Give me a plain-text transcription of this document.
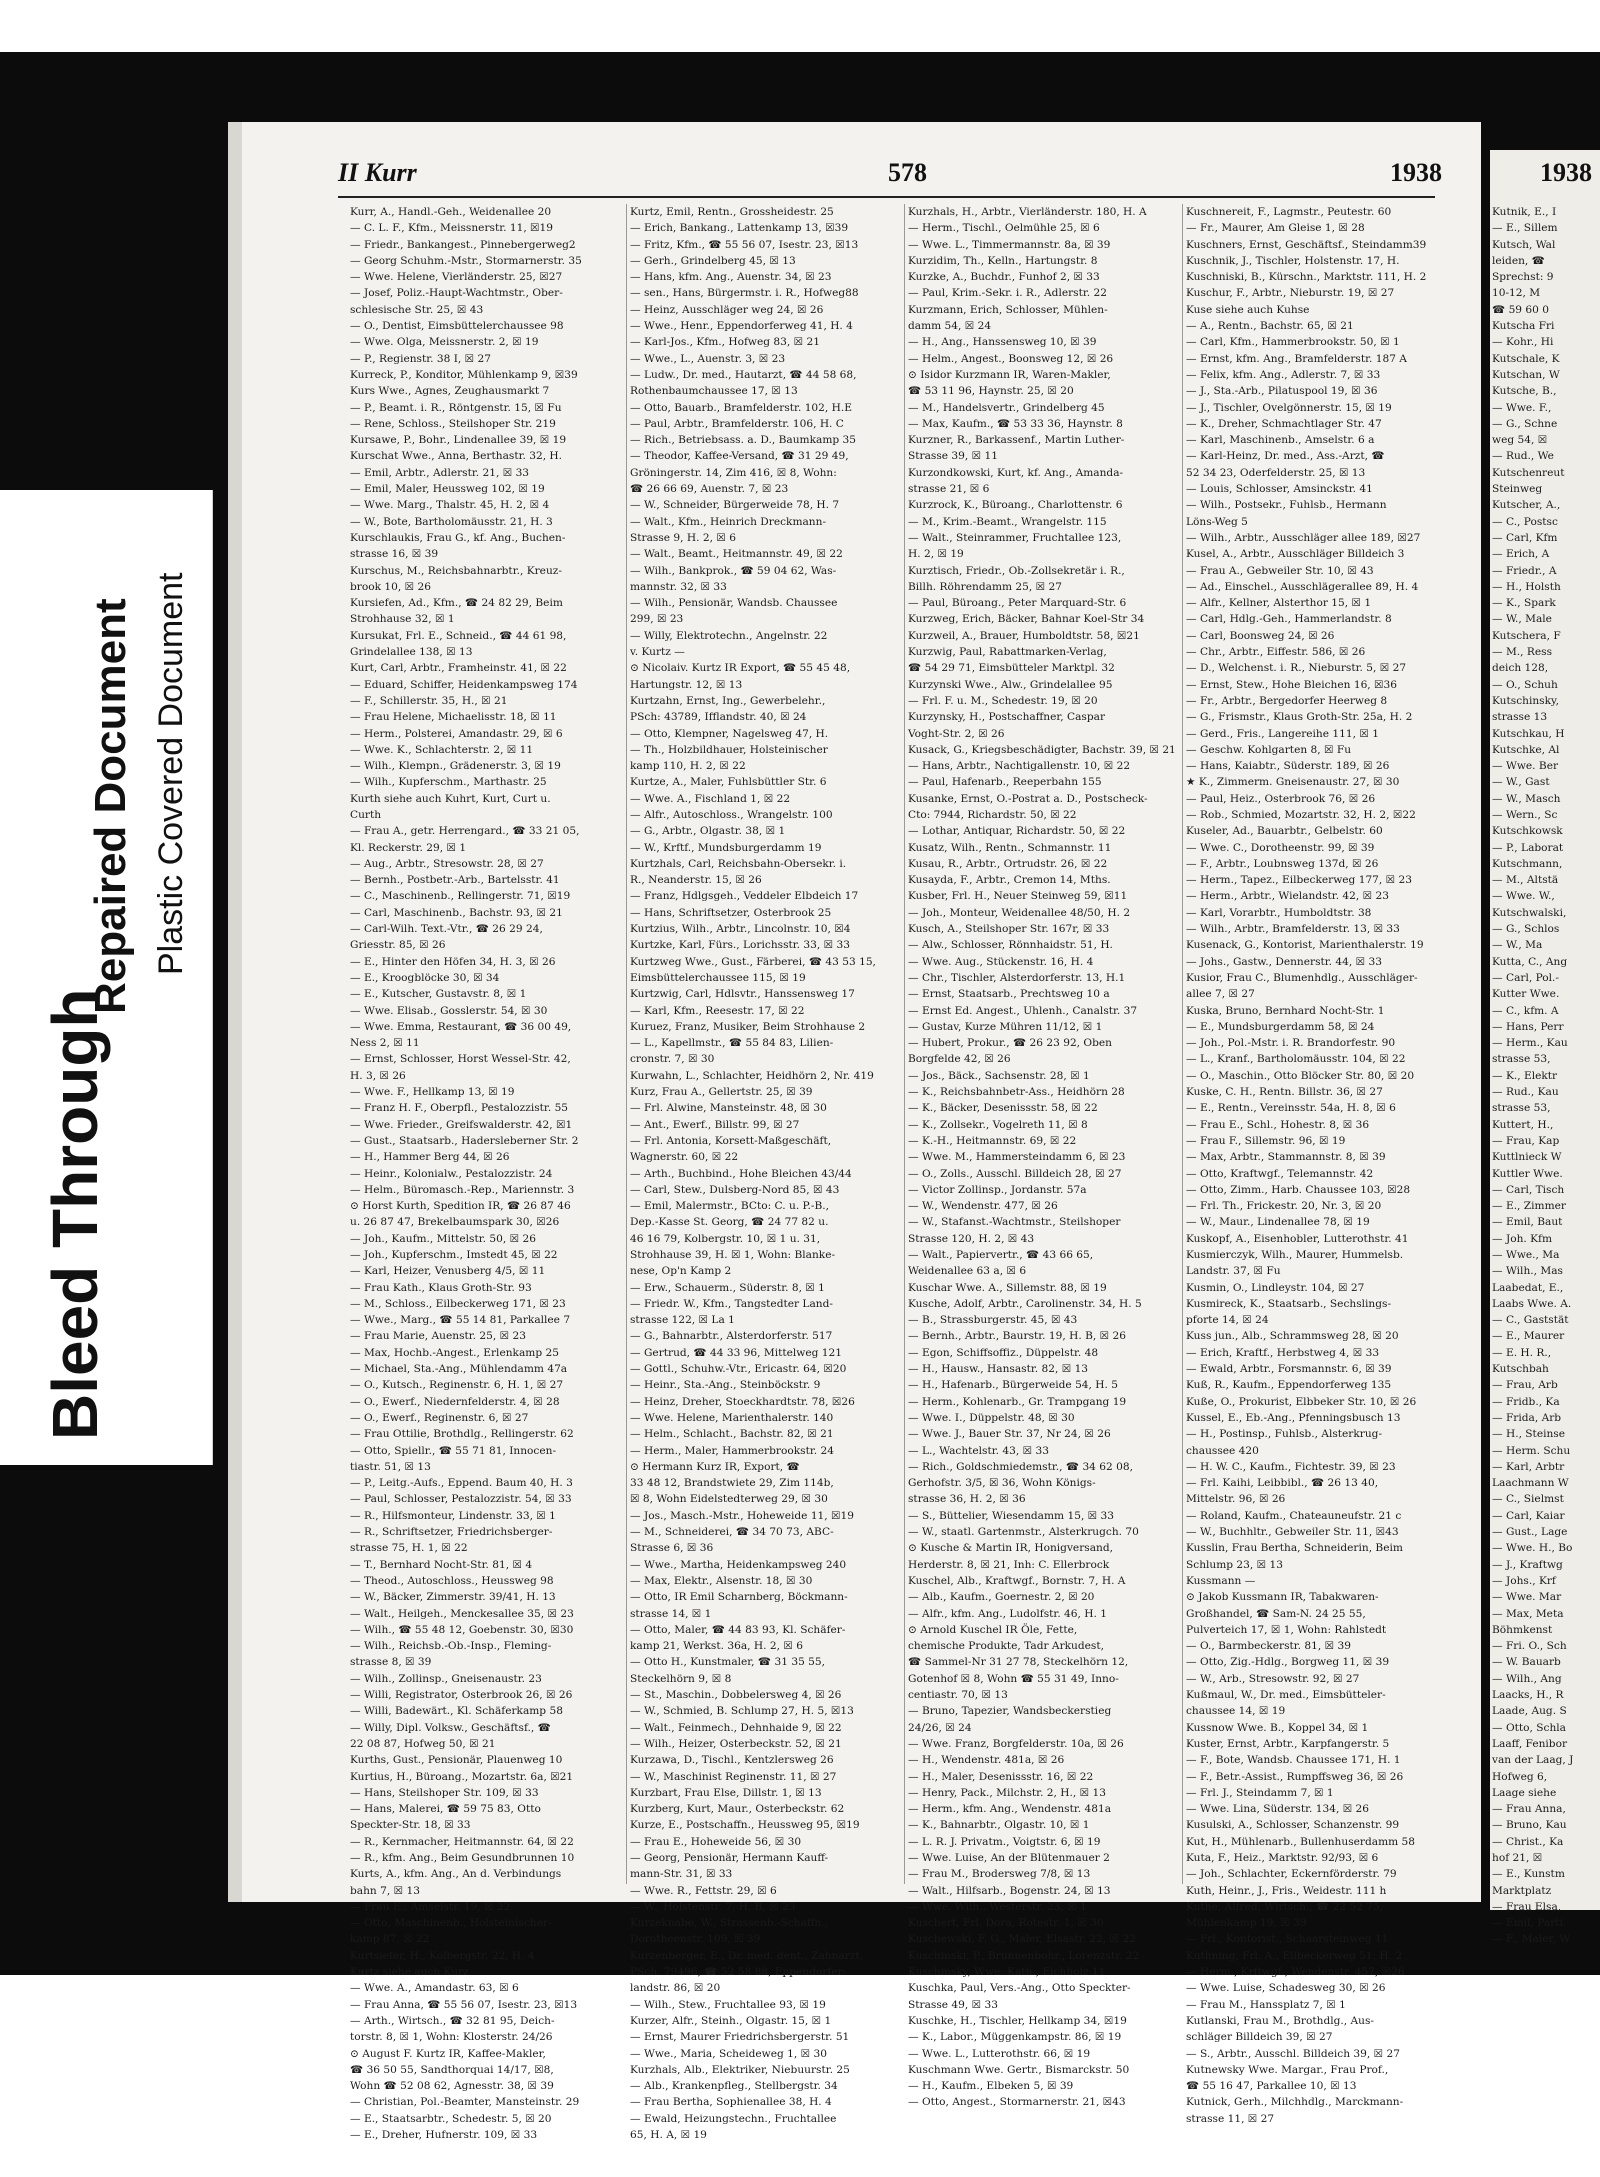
Bleed Through
Repaired Document Plastic Covered Document
II Kurr	578	1938	1938
Kurr, A., Handl.-Geh., Weidenallee 20
— C. L. F., Kfm., Meissnerstr. 11, ☒19
— Friedr., Bankangest., Pinnebergerweg2
— Georg Schuhm.-Mstr., Stormarnerstr. 35
— Wwe. Helene, Vierländerstr. 25, ☒27
— Josef, Poliz.-Haupt-Wachtmstr., Ober-
schlesische Str. 25, ☒ 43
— O., Dentist, Eimsbüttelerchaussee 98
— Wwe. Olga, Meissnerstr. 2, ☒ 19
— P., Regienstr. 38 I, ☒ 27
Kurreck, P., Konditor, Mühlenkamp 9, ☒39
Kurs Wwe., Agnes, Zeughausmarkt 7
— P., Beamt. i. R., Röntgenstr. 15, ☒ Fu
— Rene, Schloss., Steilshoper Str. 219
Kursawe, P., Bohr., Lindenallee 39, ☒ 19
Kurschat Wwe., Anna, Berthastr. 32, H.
— Emil, Arbtr., Adlerstr. 21, ☒ 33
— Emil, Maler, Heussweg 102, ☒ 19
— Wwe. Marg., Thalstr. 45, H. 2, ☒ 4
— W., Bote, Bartholomäusstr. 21, H. 3
Kurschlaukis, Frau G., kf. Ang., Buchen-
strasse 16, ☒ 39
Kurschus, M., Reichsbahnarbtr., Kreuz-
brook 10, ☒ 26
Kursiefen, Ad., Kfm., ☎ 24 82 29, Beim
Strohhause 32, ☒ 1
Kursukat, Frl. E., Schneid., ☎ 44 61 98,
Grindelallee 138, ☒ 13
Kurt, Carl, Arbtr., Framheinstr. 41, ☒ 22
— Eduard, Schiffer, Heidenkampsweg 174
— F., Schillerstr. 35, H., ☒ 21
— Frau Helene, Michaelisstr. 18, ☒ 11
— Herm., Polsterei, Amandastr. 29, ☒ 6
— Wwe. K., Schlachterstr. 2, ☒ 11
— Wilh., Klempn., Grädenerstr. 3, ☒ 19
— Wilh., Kupferschm., Marthastr. 25
Kurth siehe auch Kuhrt, Kurt, Curt u.
Curth
— Frau A., getr. Herrengard., ☎ 33 21 05,
Kl. Reckerstr. 29, ☒ 1
— Aug., Arbtr., Stresowstr. 28, ☒ 27
— Bernh., Postbetr.-Arb., Bartelsstr. 41
— C., Maschinenb., Rellingerstr. 71, ☒19
— Carl, Maschinenb., Bachstr. 93, ☒ 21
— Carl-Wilh. Text.-Vtr., ☎ 26 29 24,
Griesstr. 85, ☒ 26
— E., Hinter den Höfen 34, H. 3, ☒ 26
— E., Kroogblöcke 30, ☒ 34
— E., Kutscher, Gustavstr. 8, ☒ 1
— Wwe. Elisab., Gosslerstr. 54, ☒ 30
— Wwe. Emma, Restaurant, ☎ 36 00 49,
Ness 2, ☒ 11
— Ernst, Schlosser, Horst Wessel-Str. 42,
H. 3, ☒ 26
— Wwe. F., Hellkamp 13, ☒ 19
— Franz H. F., Oberpfl., Pestalozzistr. 55
— Wwe. Frieder., Greifswalderstr. 42, ☒1
— Gust., Staatsarb., Hadersleberner Str. 2
— H., Hammer Berg 44, ☒ 26
— Heinr., Kolonialw., Pestalozzistr. 24
— Helm., Büromasch.-Rep., Mariennstr. 3
⊙ Horst Kurth, Spedition IR, ☎ 26 87 46
u. 26 87 47, Brekelbaumspark 30, ☒26
— Joh., Kaufm., Mittelstr. 50, ☒ 26
— Joh., Kupferschm., Imstedt 45, ☒ 22
— Karl, Heizer, Venusberg 4/5, ☒ 11
— Frau Kath., Klaus Groth-Str. 93
— M., Schloss., Eilbeckerweg 171, ☒ 23
— Wwe., Marg., ☎ 55 14 81, Parkallee 7
— Frau Marie, Auenstr. 25, ☒ 23
— Max, Hochb.-Angest., Erlenkamp 25
— Michael, Sta.-Ang., Mühlendamm 47a
— O., Kutsch., Reginenstr. 6, H. 1, ☒ 27
— O., Ewerf., Niedernfelderstr. 4, ☒ 28
— O., Ewerf., Reginenstr. 6, ☒ 27
— Frau Ottilie, Brothdlg., Rellingerstr. 62
— Otto, Spiellr., ☎ 55 71 81, Innocen-
tiastr. 51, ☒ 13
— P., Leitg.-Aufs., Eppend. Baum 40, H. 3
— Paul, Schlosser, Pestalozzistr. 54, ☒ 33
— R., Hilfsmonteur, Lindenstr. 33, ☒ 1
— R., Schriftsetzer, Friedrichsberger-
strasse 75, H. 1, ☒ 22
— T., Bernhard Nocht-Str. 81, ☒ 4
— Theod., Autoschloss., Heussweg 98
— W., Bäcker, Zimmerstr. 39/41, H. 13
— Walt., Heilgeh., Menckesallee 35, ☒ 23
— Wilh., ☎ 55 48 12, Goebenstr. 30, ☒30
— Wilh., Reichsb.-Ob.-Insp., Fleming-
strasse 8, ☒ 39
— Wilh., Zollinsp., Gneisenaustr. 23
— Willi, Registrator, Osterbrook 26, ☒ 26
— Willi, Badewärt., Kl. Schäferkamp 58
— Willy, Dipl. Volksw., Geschäftsf., ☎
22 08 87, Hofweg 50, ☒ 21
Kurths, Gust., Pensionär, Plauenweg 10
Kurtius, H., Büroang., Mozartstr. 6a, ☒21
— Hans, Steilshoper Str. 109, ☒ 33
— Hans, Malerei, ☎ 59 75 83, Otto
Speckter-Str. 18, ☒ 33
— R., Kernmacher, Heitmannstr. 64, ☒ 22
— R., kfm. Ang., Beim Gesundbrunnen 10
Kurts, A., kfm. Ang., An d. Verbindungs
bahn 7, ☒ 13
— Frau E., Amselstr. 19, ☒ 22
— Otto, Maschinenb., Holsteinischer-
kamp 87, ☒ 22
Kurtsiefer, H., Kolbergstr. 22, H. 4
Kurtz siehe auch Kurz
— Wwe. A., Amandastr. 63, ☒ 6
— Frau Anna, ☎ 55 56 07, Isestr. 23, ☒13
— Arth., Wirtsch., ☎ 32 81 95, Deich-
torstr. 8, ☒ 1, Wohn: Klosterstr. 24/26
⊙ August F. Kurtz IR, Kaffee-Makler,
☎ 36 50 55, Sandthorquai 14/17, ☒8,
Wohn ☎ 52 08 62, Agnesstr. 38, ☒ 39
— Christian, Pol.-Beamter, Mansteinstr. 29
— E., Staatsarbtr., Schedestr. 5, ☒ 20
— E., Dreher, Hufnerstr. 109, ☒ 33
Kurtz, Emil, Rentn., Grossheidestr. 25
— Erich, Bankang., Lattenkamp 13, ☒39
— Fritz, Kfm., ☎ 55 56 07, Isestr. 23, ☒13
— Gerh., Grindelberg 45, ☒ 13
— Hans, kfm. Ang., Auenstr. 34, ☒ 23
— sen., Hans, Bürgermstr. i. R., Hofweg88
— Heinz, Ausschläger weg 24, ☒ 26
— Wwe., Henr., Eppendorferweg 41, H. 4
— Karl-Jos., Kfm., Hofweg 83, ☒ 21
— Wwe., L., Auenstr. 3, ☒ 23
— Ludw., Dr. med., Hautarzt, ☎ 44 58 68,
Rothenbaumchaussee 17, ☒ 13
— Otto, Bauarb., Bramfelderstr. 102, H.E
— Paul, Arbtr., Bramfelderstr. 106, H. C
— Rich., Betriebsass. a. D., Baumkamp 35
— Theodor, Kaffee-Versand, ☎ 31 29 49,
Gröningerstr. 14, Zim 416, ☒ 8, Wohn:
☎ 26 66 69, Auenstr. 7, ☒ 23
— W., Schneider, Bürgerweide 78, H. 7
— Walt., Kfm., Heinrich Dreckmann-
Strasse 9, H. 2, ☒ 6
— Walt., Beamt., Heitmannstr. 49, ☒ 22
— Wilh., Bankprok., ☎ 59 04 62, Was-
mannstr. 32, ☒ 33
— Wilh., Pensionär, Wandsb. Chaussee
299, ☒ 23
— Willy, Elektrotechn., Angelnstr. 22
v. Kurtz —
⊙ Nicolaiv. Kurtz IR Export, ☎ 55 45 48,
Hartungstr. 12, ☒ 13
Kurtzahn, Ernst, Ing., Gewerbelehr.,
PSch: 43789, Ifflandstr. 40, ☒ 24
— Otto, Klempner, Nagelsweg 47, H.
— Th., Holzbildhauer, Holsteinischer
kamp 110, H. 2, ☒ 22
Kurtze, A., Maler, Fuhlsbüttler Str. 6
— Wwe. A., Fischland 1, ☒ 22
— Alfr., Autoschloss., Wrangelstr. 100
— G., Arbtr., Olgastr. 38, ☒ 1
— W., Krftf., Mundsburgerdamm 19
Kurtzhals, Carl, Reichsbahn-Obersekr. i.
R., Neanderstr. 15, ☒ 26
— Franz, Hdlgsgeh., Veddeler Elbdeich 17
— Hans, Schriftsetzer, Osterbrook 25
Kurtzius, Wilh., Arbtr., Lincolnstr. 10, ☒4
Kurtzke, Karl, Fürs., Lorichsstr. 33, ☒ 33
Kurtzweg Wwe., Gust., Färberei, ☎ 43 53 15,
Eimsbüttelerchaussee 115, ☒ 19
Kurtzwig, Carl, Hdlsvtr., Hanssensweg 17
— Karl, Kfm., Reesestr. 17, ☒ 22
Kuruez, Franz, Musiker, Beim Strohhause 2
— L., Kapellmstr., ☎ 55 84 83, Lilien-
cronstr. 7, ☒ 30
Kurwahn, L., Schlachter, Heidhörn 2, Nr. 419
Kurz, Frau A., Gellertstr. 25, ☒ 39
— Frl. Alwine, Mansteinstr. 48, ☒ 30
— Ant., Ewerf., Billstr. 99, ☒ 27
— Frl. Antonia, Korsett-Maßgeschäft,
Wagnerstr. 60, ☒ 22
— Arth., Buchbind., Hohe Bleichen 43/44
— Carl, Stew., Dulsberg-Nord 85, ☒ 43
— Emil, Malermstr., BCto: C. u. P.-B.,
Dep.-Kasse St. Georg, ☎ 24 77 82 u.
46 16 79, Kolbergstr. 10, ☒ 1 u. 31,
Strohhause 39, H. ☒ 1, Wohn: Blanke-
nese, Op'n Kamp 2
— Erw., Schauerm., Süderstr. 8, ☒ 1
— Friedr. W., Kfm., Tangstedter Land-
strasse 122, ☒ La 1
— G., Bahnarbtr., Alsterdorferstr. 517
— Gertrud, ☎ 44 33 96, Mittelweg 121
— Gottl., Schuhw.-Vtr., Ericastr. 64, ☒20
— Heinr., Sta.-Ang., Steinböckstr. 9
— Heinz, Dreher, Stoeckhardtstr. 78, ☒26
— Wwe. Helene, Marienthalerstr. 140
— Helm., Schlacht., Bachstr. 82, ☒ 21
— Herm., Maler, Hammerbrookstr. 24
⊙ Hermann Kurz IR, Export, ☎
33 48 12, Brandstwiete 29, Zim 114b,
☒ 8, Wohn Eidelstedterweg 29, ☒ 30
— Jos., Masch.-Mstr., Hoheweide 11, ☒19
— M., Schneiderei, ☎ 34 70 73, ABC-
Strasse 6, ☒ 36
— Wwe., Martha, Heidenkampsweg 240
— Max, Elektr., Alsenstr. 18, ☒ 30
— Otto, IR Emil Scharnberg, Böckmann-
strasse 14, ☒ 1
— Otto, Maler, ☎ 44 83 93, Kl. Schäfer-
kamp 21, Werkst. 36a, H. 2, ☒ 6
— Otto H., Kunstmaler, ☎ 31 35 55,
Steckelhörn 9, ☒ 8
— St., Maschin., Dobbelersweg 4, ☒ 26
— W., Schmied, B. Schlump 27, H. 5, ☒13
— Walt., Feinmech., Dehnhaide 9, ☒ 22
— Wilh., Heizer, Osterbeckstr. 52, ☒ 21
Kurzawa, D., Tischl., Kentzlersweg 26
— W., Maschinist Reginenstr. 11, ☒ 27
Kurzbart, Frau Else, Dillstr. 1, ☒ 13
Kurzberg, Kurt, Maur., Osterbeckstr. 62
Kurze, E., Postschaffn., Heussweg 95, ☒19
— Frau E., Hoheweide 56, ☒ 30
— Georg, Pensionär, Hermann Kauff-
mann-Str. 31, ☒ 33
— Wwe. R., Fettstr. 29, ☒ 6
— W., Holstenstr. 7, H. B, ☒ 23
Kurzeknabe, W., Strassenb.-Schaffn.,
Dorotheenstr. 109, ☒ 39
Kurzenberger, E., Dr. med. dent., Zahnarzt,
PSch. 79496, ☎ 52 58 88, Eppendorfer-
landstr. 86, ☒ 20
— Wilh., Stew., Fruchtallee 93, ☒ 19
Kurzer, Alfr., Steinh., Olgastr. 15, ☒ 1
— Ernst, Maurer Friedrichsbergerstr. 51
— Wwe., Maria, Scheideweg 1, ☒ 30
Kurzhals, Alb., Elektriker, Niebuurstr. 25
— Alb., Krankenpfleg., Stellbergstr. 34
— Frau Bertha, Sophienallee 38, H. 4
— Ewald, Heizungstechn., Fruchtallee
65, H. A, ☒ 19
Kurzhals, H., Arbtr., Vierländerstr. 180, H. A
— Herm., Tischl., Oelmühle 25, ☒ 6
— Wwe. L., Timmermannstr. 8a, ☒ 39
Kurzidim, Th., Kelln., Hartungstr. 8
Kurzke, A., Buchdr., Funhof 2, ☒ 33
— Paul, Krim.-Sekr. i. R., Adlerstr. 22
Kurzmann, Erich, Schlosser, Mühlen-
damm 54, ☒ 24
— H., Ang., Hanssensweg 10, ☒ 39
— Helm., Angest., Boonsweg 12, ☒ 26
⊙ Isidor Kurzmann IR, Waren-Makler,
☎ 53 11 96, Haynstr. 25, ☒ 20
— M., Handelsvertr., Grindelberg 45
— Max, Kaufm., ☎ 53 33 36, Haynstr. 8
Kurzner, R., Barkassenf., Martin Luther-
Strasse 39, ☒ 11
Kurzondkowski, Kurt, kf. Ang., Amanda-
strasse 21, ☒ 6
Kurzrock, K., Büroang., Charlottenstr. 6
— M., Krim.-Beamt., Wrangelstr. 115
— Walt., Steinrammer, Fruchtallee 123,
H. 2, ☒ 19
Kurztisch, Friedr., Ob.-Zollsekretär i. R.,
Billh. Röhrendamm 25, ☒ 27
— Paul, Büroang., Peter Marquard-Str. 6
Kurzweg, Erich, Bäcker, Bahnar Koel-Str 34
Kurzweil, A., Brauer, Humboldtstr. 58, ☒21
Kurzwig, Paul, Rabattmarken-Verlag,
☎ 54 29 71, Eimsbütteler Marktpl. 32
Kurzynski Wwe., Alw., Grindelallee 95
— Frl. F. u. M., Schedestr. 19, ☒ 20
Kurzynsky, H., Postschaffner, Caspar
Voght-Str. 2, ☒ 26
Kusack, G., Kriegsbeschädigter, Bachstr. 39, ☒ 21
— Hans, Arbtr., Nachtigallenstr. 10, ☒ 22
— Paul, Hafenarb., Reeperbahn 155
Kusanke, Ernst, O.-Postrat a. D., Postscheck-
Cto: 7944, Richardstr. 50, ☒ 22
— Lothar, Antiquar, Richardstr. 50, ☒ 22
Kusatz, Wilh., Rentn., Schmannstr. 11
Kusau, R., Arbtr., Ortrudstr. 26, ☒ 22
Kusayda, F., Arbtr., Cremon 14, Mths.
Kusber, Frl. H., Neuer Steinweg 59, ☒11
— Joh., Monteur, Weidenallee 48/50, H. 2
Kusch, A., Steilshoper Str. 167r, ☒ 33
— Alw., Schlosser, Rönnhaidstr. 51, H.
— Wwe. Aug., Stückenstr. 16, H. 4
— Chr., Tischler, Alsterdorferstr. 13, H.1
— Ernst, Staatsarb., Prechtsweg 10 a
— Ernst Ed. Angest., Uhlenh., Canalstr. 37
— Gustav, Kurze Mühren 11/12, ☒ 1
— Hubert, Prokur., ☎ 26 23 92, Oben
Borgfelde 42, ☒ 26
— Jos., Bäck., Sachsenstr. 28, ☒ 1
— K., Reichsbahnbetr-Ass., Heidhörn 28
— K., Bäcker, Desenissstr. 58, ☒ 22
— K., Zollsekr., Vogelreth 11, ☒ 8
— K.-H., Heitmannstr. 69, ☒ 22
— Wwe. M., Hammersteindamm 6, ☒ 23
— O., Zolls., Ausschl. Billdeich 28, ☒ 27
— Victor Zollinsp., Jordanstr. 57a
— W., Wendenstr. 477, ☒ 26
— W., Stafanst.-Wachtmstr., Steilshoper
Strasse 120, H. 2, ☒ 43
— Walt., Papiervertr., ☎ 43 66 65,
Weidenallee 63 a, ☒ 6
Kuschar Wwe. A., Sillemstr. 88, ☒ 19
Kusche, Adolf, Arbtr., Carolinenstr. 34, H. 5
— B., Strassburgerstr. 45, ☒ 43
— Bernh., Arbtr., Baurstr. 19, H. B, ☒ 26
— Egon, Schiffsoffiz., Düppelstr. 48
— H., Hausw., Hansastr. 82, ☒ 13
— H., Hafenarb., Bürgerweide 54, H. 5
— Herm., Kohlenarb., Gr. Trampgang 19
— Wwe. I., Düppelstr. 48, ☒ 30
— Wwe. J., Bauer Str. 37, Nr 24, ☒ 26
— L., Wachtelstr. 43, ☒ 33
— Rich., Goldschmiedemstr., ☎ 34 62 08,
Gerhofstr. 3/5, ☒ 36, Wohn Königs-
strasse 36, H. 2, ☒ 36
— S., Büttelier, Wiesendamm 15, ☒ 33
— W., staatl. Gartenmstr., Alsterkrugch. 70
⊙ Kusche & Martin IR, Honigversand,
Herderstr. 8, ☒ 21, Inh: C. Ellerbrock
Kuschel, Alb., Kraftwgf., Bornstr. 7, H. A
— Alb., Kaufm., Goernestr. 2, ☒ 20
— Alfr., kfm. Ang., Ludolfstr. 46, H. 1
⊙ Arnold Kuschel IR Öle, Fette,
chemische Produkte, Tadr Arkudest,
☎ Sammel-Nr 31 27 78, Steckelhörn 12,
Gotenhof ☒ 8, Wohn ☎ 55 31 49, Inno-
centiastr. 70, ☒ 13
— Bruno, Tapezier, Wandsbeckerstieg
24/26, ☒ 24
— Wwe. Franz, Borgfelderstr. 10a, ☒ 26
— H., Wendenstr. 481a, ☒ 26
— H., Maler, Desenissstr. 16, ☒ 22
— Henry, Pack., Milchstr. 2, H., ☒ 13
— Herm., kfm. Ang., Wendenstr. 481a
— K., Bahnarbtr., Olgastr. 10, ☒ 1
— L. R. J. Privatm., Voigtstr. 6, ☒ 19
— Wwe. Luise, An der Blütenmauer 2
— Frau M., Brodersweg 7/8, ☒ 13
— Walt., Hilfsarb., Bogenstr. 24, ☒ 13
— Wwe. Wilh., Westerstr. 23, ☒ 1
Kuschert, Frl. Dora, Rotestr. 1, ☒ 30
Kuschewski, F. G., Maler, Elsastr. 22, ☒ 22
Kuschinski, P., Brunnenbohr., Lorenzstr. 22
Kuschinsky, Wwe. Kath., Eichholz 11
Kuschka, Paul, Vers.-Ang., Otto Speckter-
Strasse 49, ☒ 33
Kuschke, H., Tischler, Hellkamp 34, ☒19
— K., Labor., Müggenkampstr. 86, ☒ 19
— Wwe. L., Lutterothstr. 66, ☒ 19
Kuschmann Wwe. Gertr., Bismarckstr. 50
— H., Kaufm., Elbeken 5, ☒ 39
— Otto, Angest., Stormarnerstr. 21, ☒43
Kuschnereit, F., Lagmstr., Peutestr. 60
— Fr., Maurer, Am Gleise 1, ☒ 28
Kuschners, Ernst, Geschäftsf., Steindamm39
Kuschnik, J., Tischler, Holstenstr. 17, H.
Kuschniski, B., Kürschn., Marktstr. 111, H. 2
Kuschur, F., Arbtr., Nieburstr. 19, ☒ 27
Kuse siehe auch Kuhse
— A., Rentn., Bachstr. 65, ☒ 21
— Carl, Kfm., Hammerbrookstr. 50, ☒ 1
— Ernst, kfm. Ang., Bramfelderstr. 187 A
— Felix, kfm. Ang., Adlerstr. 7, ☒ 33
— J., Sta.-Arb., Pilatuspool 19, ☒ 36
— J., Tischler, Ovelgönnerstr. 15, ☒ 19
— K., Dreher, Schmachtlager Str. 47
— Karl, Maschinenb., Amselstr. 6 a
— Karl-Heinz, Dr. med., Ass.-Arzt, ☎
52 34 23, Oderfelderstr. 25, ☒ 13
— Louis, Schlosser, Amsinckstr. 41
— Wilh., Postsekr., Fuhlsb., Hermann
Löns-Weg 5
— Wilh., Arbtr., Ausschläger allee 189, ☒27
Kusel, A., Arbtr., Ausschläger Billdeich 3
— Frau A., Gebweiler Str. 10, ☒ 43
— Ad., Einschel., Ausschlägerallee 89, H. 4
— Alfr., Kellner, Alsterthor 15, ☒ 1
— Carl, Hdlg.-Geh., Hammerlandstr. 8
— Carl, Boonsweg 24, ☒ 26
— Chr., Arbtr., Eiffestr. 586, ☒ 26
— D., Welchenst. i. R., Nieburstr. 5, ☒ 27
— Ernst, Stew., Hohe Bleichen 16, ☒36
— Fr., Arbtr., Bergedorfer Heerweg 8
— G., Frismstr., Klaus Groth-Str. 25a, H. 2
— Gerd., Fris., Langereihe 111, ☒ 1
— Geschw. Kohlgarten 8, ☒ Fu
— Hans, Kaiabtr., Süderstr. 189, ☒ 26
★ K., Zimmerm. Gneisenaustr. 27, ☒ 30
— Paul, Heiz., Osterbrook 76, ☒ 26
— Rob., Schmied, Mozartstr. 32, H. 2, ☒22
Kuseler, Ad., Bauarbtr., Gelbelstr. 60
— Wwe. C., Dorotheenstr. 99, ☒ 39
— F., Arbtr., Loubnsweg 137d, ☒ 26
— Herm., Tapez., Eilbeckerweg 177, ☒ 23
— Herm., Arbtr., Wielandstr. 42, ☒ 23
— Karl, Vorarbtr., Humboldtstr. 38
— Wilh., Arbtr., Bramfelderstr. 13, ☒ 33
Kusenack, G., Kontorist, Marienthalerstr. 19
— Johs., Gastw., Dennerstr. 44, ☒ 33
Kusior, Frau C., Blumenhdlg., Ausschläger-
allee 7, ☒ 27
Kuska, Bruno, Bernhard Nocht-Str. 1
— E., Mundsburgerdamm 58, ☒ 24
— Joh., Pol.-Mstr. i. R. Brandorfestr. 90
— L., Kranf., Bartholomäusstr. 104, ☒ 22
— O., Maschin., Otto Blöcker Str. 80, ☒ 20
Kuske, C. H., Rentn. Billstr. 36, ☒ 27
— E., Rentn., Vereinsstr. 54a, H. 8, ☒ 6
— Frau E., Schl., Hohestr. 8, ☒ 36
— Frau F., Sillemstr. 96, ☒ 19
— Max, Arbtr., Stammannstr. 8, ☒ 39
— Otto, Kraftwgf., Telemannstr. 42
— Otto, Zimm., Harb. Chaussee 103, ☒28
— Frl. Th., Frickestr. 20, Nr. 3, ☒ 20
— W., Maur., Lindenallee 78, ☒ 19
Kuskopf, A., Eisenhobler, Lutterothstr. 41
Kusmierczyk, Wilh., Maurer, Hummelsb.
Landstr. 37, ☒ Fu
Kusmin, O., Lindleystr. 104, ☒ 27
Kusmireck, K., Staatsarb., Sechslings-
pforte 14, ☒ 24
Kuss jun., Alb., Schrammsweg 28, ☒ 20
— Erich, Kraftf., Herbstweg 4, ☒ 33
— Ewald, Arbtr., Forsmannstr. 6, ☒ 39
Kuß, R., Kaufm., Eppendorferweg 135
Kuße, O., Prokurist, Elbbeker Str. 10, ☒ 26
Kussel, E., Eb.-Ang., Pfenningsbusch 13
— H., Postinsp., Fuhlsb., Alsterkrug-
chaussee 420
— H. W. C., Kaufm., Fichtestr. 39, ☒ 23
— Frl. Kaihi, Leibbibl., ☎ 26 13 40,
Mittelstr. 96, ☒ 26
— Roland, Kaufm., Chateauneufstr. 21 c
— W., Buchhltr., Gebweiler Str. 11, ☒43
Kusslin, Frau Bertha, Schneiderin, Beim
Schlump 23, ☒ 13
Kussmann —
⊙ Jakob Kussmann IR, Tabakwaren-
Großhandel, ☎ Sam-N. 24 25 55,
Pulverteich 17, ☒ 1, Wohn: Rahlstedt
— O., Barmbeckerstr. 81, ☒ 39
— Otto, Zig.-Hdlg., Borgweg 11, ☒ 39
— W., Arb., Stresowstr. 92, ☒ 27
Kußmaul, W., Dr. med., Eimsbütteler-
chaussee 14, ☒ 19
Kussnow Wwe. B., Koppel 34, ☒ 1
Kuster, Ernst, Arbtr., Karpfangerstr. 5
— F., Bote, Wandsb. Chaussee 171, H. 1
— F., Betr.-Assist., Rumpffsweg 36, ☒ 26
— Frl. J., Steindamm 7, ☒ 1
— Wwe. Lina, Süderstr. 134, ☒ 26
Kusulski, A., Schlosser, Schanzenstr. 99
Kut, H., Mühlenarb., Bullenhuserdamm 58
Kuta, F., Heiz., Marktstr. 92/93, ☒ 6
— Joh., Schlachter, Eckernförderstr. 79
Kuth, Heinr., J., Fris., Weidestr. 111 h
Kuthe, Alfred, Wirtsch., ☎ 22 52 75,
Mühlenkamp 19, ☒ 39
— Frl., Kontorist., Schaarsteinweg 11
Kuthning, Frl. A., Eilbeckerweg 51, H. 2
— Herm., Krftwgf., Wendenstr. 457, ☒26
— Wwe. Luise, Schadesweg 30, ☒ 26
— Frau M., Hanssplatz 7, ☒ 1
Kutlanski, Frau M., Brothdlg., Aus-
schläger Billdeich 39, ☒ 27
— S., Arbtr., Ausschl. Billdeich 39, ☒ 27
Kutnewsky Wwe. Margar., Frau Prof.,
☎ 55 16 47, Parkallee 10, ☒ 13
Kutnick, Gerh., Milchhdlg., Marckmann-
strasse 11, ☒ 27
Kutnik, E., I
— E., Sillem
Kutsch, Wal
leiden, ☎
Sprechst: 9
10-12, M
☎ 59 60 0
Kutscha Fri
— Kohr., Hi
Kutschale, K
Kutschan, W
Kutsche, B.,
— Wwe. F.,
— G., Schne
weg 54, ☒
— Rud., We
Kutschenreut
Steinweg
Kutscher, A.,
— C., Postsc
— Carl, Kfm
— Erich, A
— Friedr., A
— H., Holsth
— K., Spark
— W., Male
Kutschera, F
— M., Ress
deich 128,
— O., Schuh
Kutschinsky,
strasse 13
Kutschkau, H
Kutschke, Al
— Wwe. Ber
— W., Gast
— W., Masch
— Wern., Sc
Kutschkowsk
— P., Laborat
Kutschmann,
— M., Altstä
— Wwe. W.,
Kutschwalski,
— G., Schlos
— W., Ma
Kutta, C., Ang
— Carl, Pol.-
Kutter Wwe.
— C., kfm. A
— Hans, Perr
— Herm., Kau
strasse 53,
— K., Elektr
— Rud., Kau
strasse 53,
Kuttert, H.,
— Frau, Kap
Kuttlnieck W
Kuttler Wwe.
— Carl, Tisch
— E., Zimmer
— Emil, Baut
— Joh. Kfm
— Wwe., Ma
— Wilh., Mas
Laabedat, E.,
Laabs Wwe. A.
— C., Gaststät
— E., Maurer
— E. H. R.,
Kutschbah
— Frau, Arb
— Fridb., Ka
— Frida, Arb
— H., Steinse
— Herm. Schu
— Karl, Arbtr
Laachmann W
— C., Sielmst
— Carl, Kaiar
— Gust., Lage
— Wwe. H., Bo
— J., Kraftwg
— Johs., Krf
— Wwe. Mar
— Max, Meta
Böhmkenst
— Fri. O., Sch
— W. Bauarb
— Wilh., Ang
Laacks, H., R
Laade, Aug. S
— Otto, Schla
Laaff, Fenibor
van der Laag, J
Hofweg 6,
Laage siehe
— Frau Anna,
— Bruno, Kau
— Christ., Ka
hof 21, ☒
— E., Kunstm
Marktplatz
— Frau Elsa,
— Emil, Parti
— F., Maler, W
